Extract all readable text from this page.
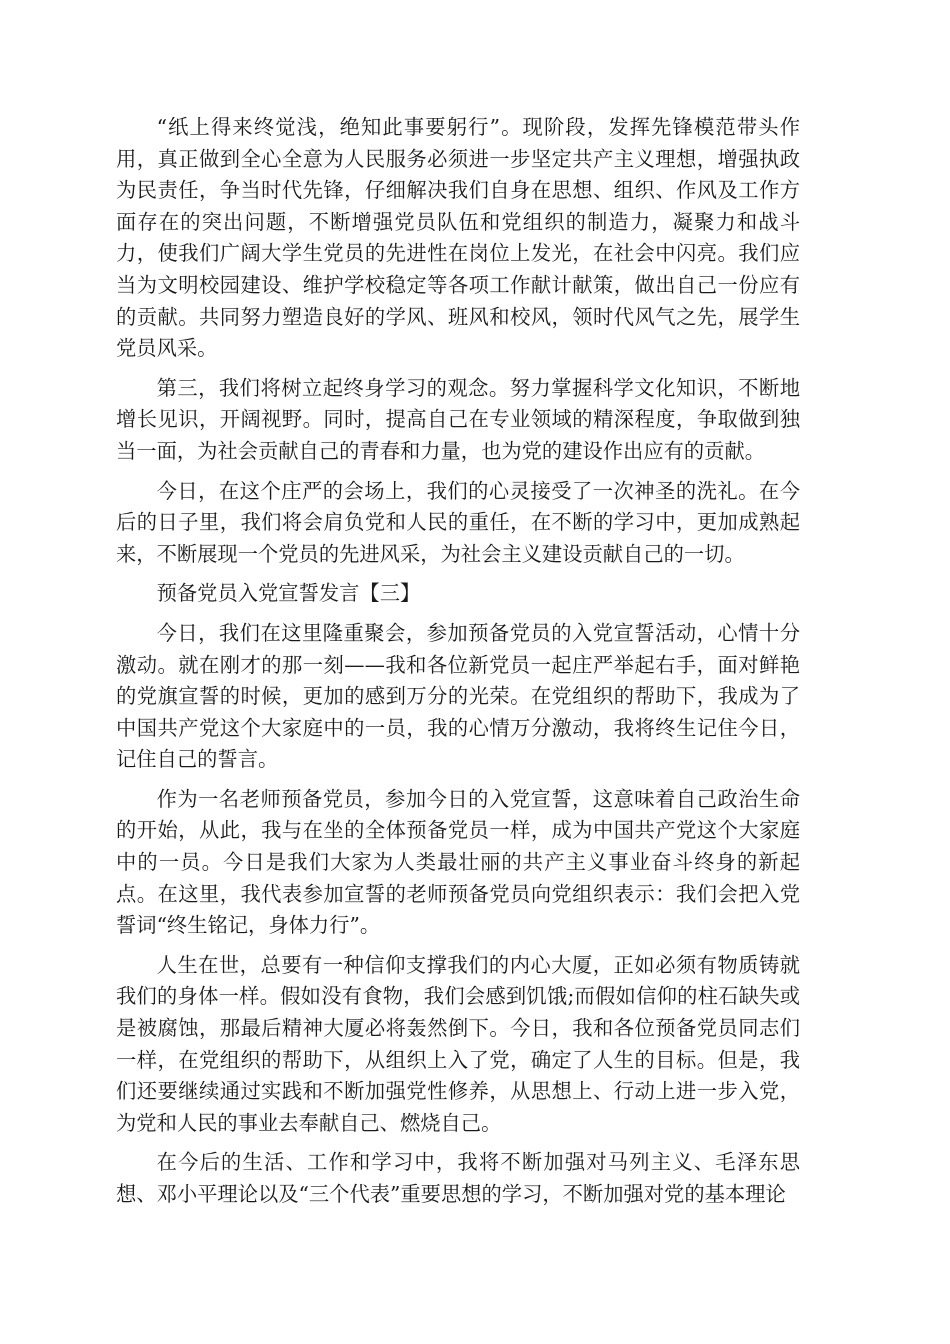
“纸上得来终觉浅，绝知此事要躬行”。现阶段，发挥先锋模范带头作用，真正做到全心全意为人民服务必须进一步坚定共产主义理想，增强执政为民责任，争当时代先锋，仔细解决我们自身在思想、组织、作风及工作方面存在的突出问题，不断增强党员队伍和党组织的制造力，凝聚力和战斗力，使我们广阔大学生党员的先进性在岗位上发光，在社会中闪亮。我们应当为文明校园建设、维护学校稳定等各项工作献计献策，做出自己一份应有的贡献。共同努力塑造良好的学风、班风和校风，领时代风气之先，展学生党员风采。

第三，我们将树立起终身学习的观念。努力掌握科学文化知识，不断地增长见识，开阔视野。同时，提高自己在专业领域的精深程度，争取做到独当一面，为社会贡献自己的青春和力量，也为党的建设作出应有的贡献。

今日，在这个庄严的会场上，我们的心灵接受了一次神圣的洗礼。在今后的日子里，我们将会肩负党和人民的重任，在不断的学习中，更加成熟起来，不断展现一个党员的先进风采，为社会主义建设贡献自己的一切。

预备党员入党宣誓发言【三】

今日，我们在这里隆重聚会，参加预备党员的入党宣誓活动，心情十分激动。就在刚才的那一刻——我和各位新党员一起庄严举起右手，面对鲜艳的党旗宣誓的时候，更加的感到万分的光荣。在党组织的帮助下，我成为了中国共产党这个大家庭中的一员，我的心情万分激动，我将终生记住今日，记住自己的誓言。

作为一名老师预备党员，参加今日的入党宣誓，这意味着自己政治生命的开始，从此，我与在坐的全体预备党员一样，成为中国共产党这个大家庭中的一员。今日是我们大家为人类最壮丽的共产主义事业奋斗终身的新起点。在这里，我代表参加宣誓的老师预备党员向党组织表示：我们会把入党誓词“终生铭记，身体力行”。

人生在世，总要有一种信仰支撑我们的内心大厦，正如必须有物质铸就我们的身体一样。假如没有食物，我们会感到饥饿;而假如信仰的柱石缺失或是被腐蚀，那最后精神大厦必将轰然倒下。今日，我和各位预备党员同志们一样，在党组织的帮助下，从组织上入了党，确定了人生的目标。但是，我们还要继续通过实践和不断加强党性修养，从思想上、行动上进一步入党，为党和人民的事业去奉献自己、燃烧自己。

在今后的生活、工作和学习中，我将不断加强对马列主义、毛泽东思想、邓小平理论以及“三个代表”重要思想的学习，不断加强对党的基本理论
